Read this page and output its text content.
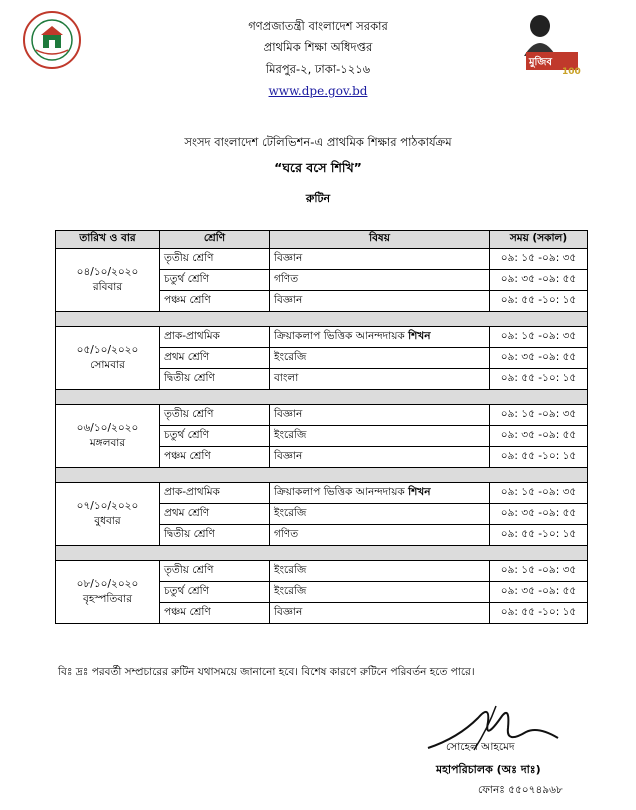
মুজিব
100
গণপ্রজাতন্ত্রী বাংলাদেশ সরকার
প্রাথমিক শিক্ষা অধিদপ্তর
মিরপুর-২, ঢাকা-১২১৬
www.dpe.gov.bd
সংসদ বাংলাদেশ টেলিভিশন-এ প্রাথমিক শিক্ষার পাঠকার্যক্রম
“ঘরে বসে শিখি”
রুটিন
তারিখ ও বার	শ্রেণি	বিষয়	সময় (সকাল)

০৪/১০/২০২০
রবিবার	তৃতীয় শ্রেণি	বিজ্ঞান	০৯: ১৫ -০৯: ৩৫
	চতুর্থ শ্রেণি	গণিত	০৯: ৩৫ -০৯: ৫৫
	পঞ্চম শ্রেণি	বিজ্ঞান	০৯: ৫৫ -১০: ১৫

০৫/১০/২০২০
সোমবার	প্রাক-প্রাথমিক	ক্রিয়াকলাপ ভিত্তিক আনন্দদায়ক শিখন	০৯: ১৫ -০৯: ৩৫
	প্রথম শ্রেণি	ইংরেজি	০৯: ৩৫ -০৯: ৫৫
	দ্বিতীয় শ্রেণি	বাংলা	০৯: ৫৫ -১০: ১৫

০৬/১০/২০২০
মঙ্গলবার	তৃতীয় শ্রেণি	বিজ্ঞান	০৯: ১৫ -০৯: ৩৫
	চতুর্থ শ্রেণি	ইংরেজি	০৯: ৩৫ -০৯: ৫৫
	পঞ্চম শ্রেণি	বিজ্ঞান	০৯: ৫৫ -১০: ১৫

০৭/১০/২০২০
বুধবার	প্রাক-প্রাথমিক	ক্রিয়াকলাপ ভিত্তিক আনন্দদায়ক শিখন	০৯: ১৫ -০৯: ৩৫
	প্রথম শ্রেণি	ইংরেজি	০৯: ৩৫ -০৯: ৫৫
	দ্বিতীয় শ্রেণি	গণিত	০৯: ৫৫ -১০: ১৫

০৮/১০/২০২০
বৃহস্পতিবার	তৃতীয় শ্রেণি	ইংরেজি	০৯: ১৫ -০৯: ৩৫
	চতুর্থ শ্রেণি	ইংরেজি	০৯: ৩৫ -০৯: ৫৫
	পঞ্চম শ্রেণি	বিজ্ঞান	০৯: ৫৫ -১০: ১৫
বিঃ দ্রঃ পরবর্তী সম্প্রচারের রুটিন যথাসময়ে জানানো হবে। বিশেষ কারণে রুটিনে পরিবর্তন হতে পারে।
সোহেল আহমেদ
মহাপরিচালক (অঃ দাঃ)
ফোনঃ ৫৫০৭৪৯৬৮
